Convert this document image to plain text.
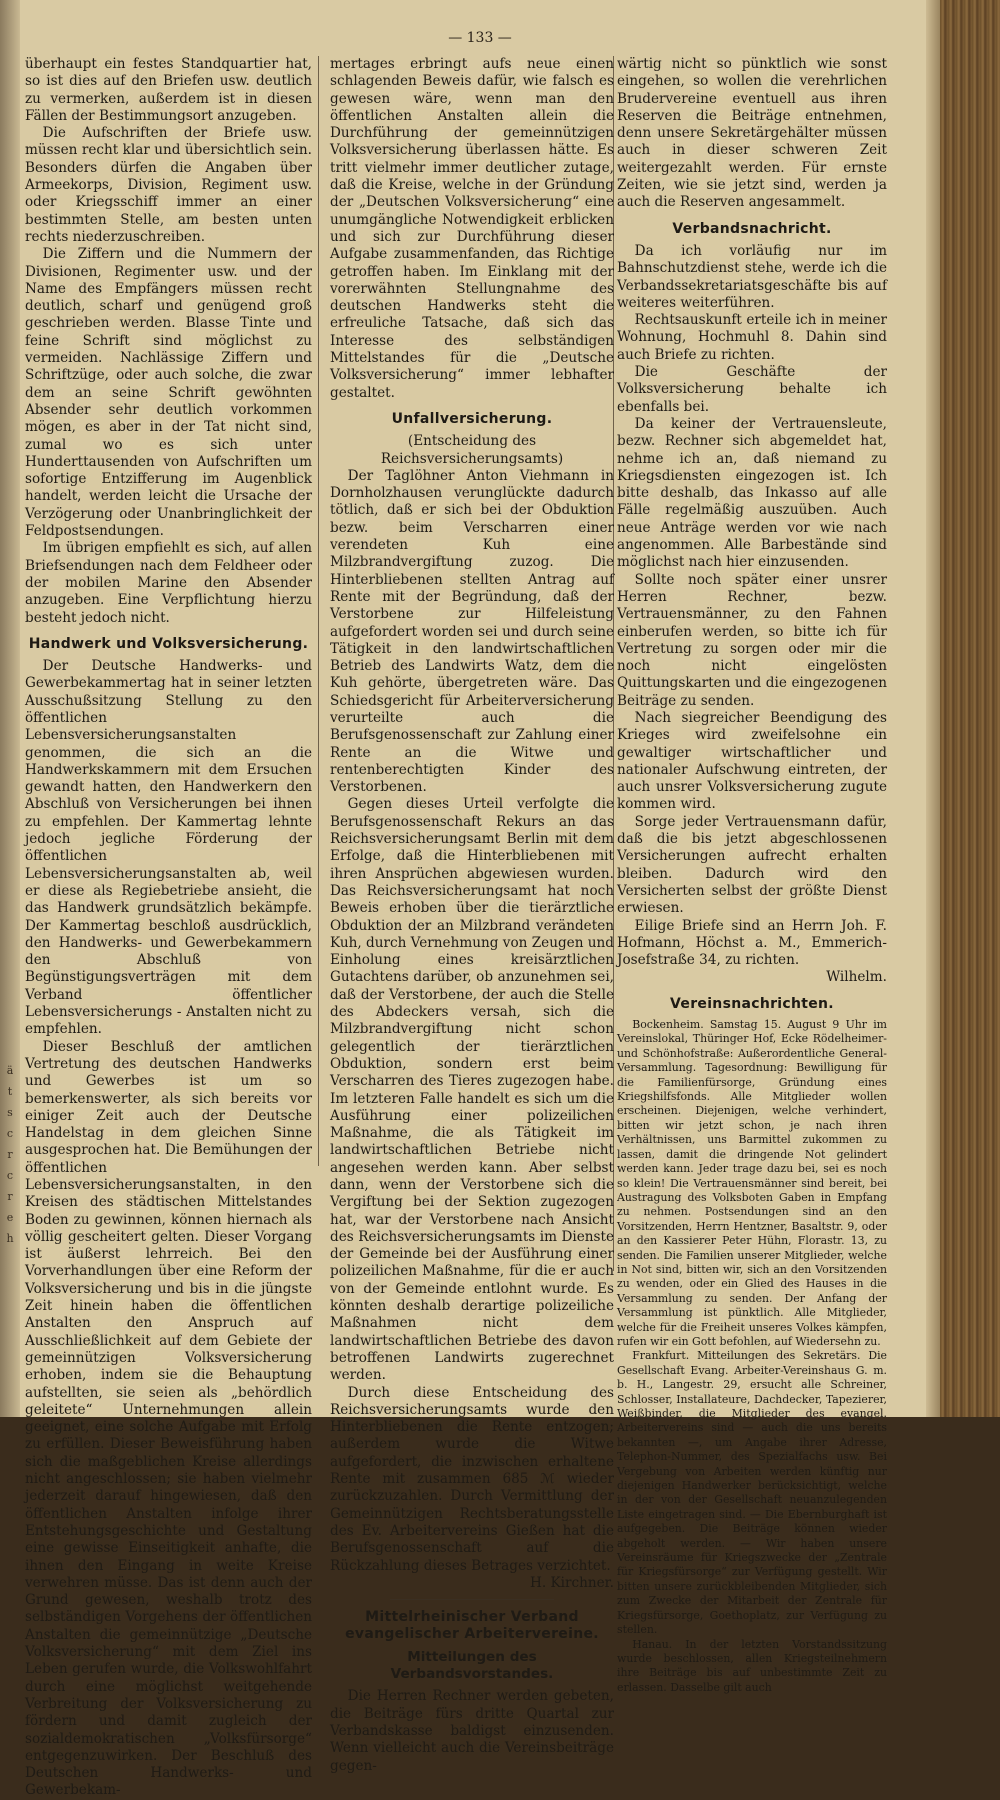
— 133 —
ä
t
s
c
r
c
r
e
h

überhaupt ein festes Standquartier hat, so ist dies auf den Briefen usw. deutlich zu vermerken, außerdem ist in diesen Fällen der Bestimmungsort anzugeben.

Die Aufschriften der Briefe usw. müssen recht klar und übersichtlich sein. Besonders dürfen die Angaben über Armeekorps, Division, Regiment usw. oder Kriegsschiff immer an einer bestimmten Stelle, am besten unten rechts niederzuschreiben.

Die Ziffern und die Nummern der Divisionen, Regimenter usw. und der Name des Empfängers müssen recht deutlich, scharf und genügend groß geschrieben werden. Blasse Tinte und feine Schrift sind möglichst zu vermeiden. Nachlässige Ziffern und Schriftzüge, oder auch solche, die zwar dem an seine Schrift gewöhnten Absender sehr deutlich vorkommen mögen, es aber in der Tat nicht sind, zumal wo es sich unter Hunderttausenden von Aufschriften um sofortige Entzifferung im Augenblick handelt, werden leicht die Ursache der Verzögerung oder Unanbringlichkeit der Feldpostsendungen.

Im übrigen empfiehlt es sich, auf allen Briefsendungen nach dem Feldheer oder der mobilen Marine den Absender anzugeben. Eine Verpflichtung hierzu besteht jedoch nicht.

Handwerk und Volksversicherung.

Der Deutsche Handwerks- und Gewerbekammertag hat in seiner letzten Ausschußsitzung Stellung zu den öffentlichen Lebensversicherungsanstalten genommen, die sich an die Handwerkskammern mit dem Ersuchen gewandt hatten, den Handwerkern den Abschluß von Versicherungen bei ihnen zu empfehlen. Der Kammertag lehnte jedoch jegliche Förderung der öffentlichen Lebensversicherungsanstalten ab, weil er diese als Regiebetriebe ansieht, die das Handwerk grundsätzlich bekämpfe. Der Kammertag beschloß ausdrücklich, den Handwerks- und Gewerbekammern den Abschluß von Begünstigungsverträgen mit dem Verband öffentlicher Lebensversicherungs - Anstalten nicht zu empfehlen.

Dieser Beschluß der amtlichen Vertretung des deutschen Handwerks und Gewerbes ist um so bemerkenswerter, als sich bereits vor einiger Zeit auch der Deutsche Handelstag in dem gleichen Sinne ausgesprochen hat. Die Bemühungen der öffentlichen Lebensversicherungsanstalten, in den Kreisen des städtischen Mittelstandes Boden zu gewinnen, können hiernach als völlig gescheitert gelten. Dieser Vorgang ist äußerst lehrreich. Bei den Vorverhandlungen über eine Reform der Volksversicherung und bis in die jüngste Zeit hinein haben die öffentlichen Anstalten den Anspruch auf Ausschließlichkeit auf dem Gebiete der gemeinnützigen Volksversicherung erhoben, indem sie die Behauptung aufstellten, sie seien als „behördlich geleitete“ Unternehmungen allein geeignet, eine solche Aufgabe mit Erfolg zu erfüllen. Dieser Beweisführung haben sich die maßgeblichen Kreise allerdings nicht angeschlossen; sie haben vielmehr jederzeit darauf hingewiesen, daß den öffentlichen Anstalten infolge ihrer Entstehungsgeschichte und Gestaltung eine gewisse Einseitigkeit anhafte, die ihnen den Eingang in weite Kreise verwehren müsse. Das ist denn auch der Grund gewesen, weshalb trotz des selbständigen Vorgehens der öffentlichen Anstalten die gemeinnützige „Deutsche Volksversicherung“ mit dem Ziel ins Leben gerufen wurde, die Volkswohlfahrt durch eine möglichst weitgehende Verbreitung der Volksversicherung zu fördern und damit zugleich der sozialdemokratischen „Volksfürsorge“ entgegenzuwirken. Der Beschluß des Deutschen Handwerks- und Gewerbekam-

mertages erbringt aufs neue einen schlagenden Beweis dafür, wie falsch es gewesen wäre, wenn man den öffentlichen Anstalten allein die Durchführung der gemeinnützigen Volksversicherung überlassen hätte. Es tritt vielmehr immer deutlicher zutage, daß die Kreise, welche in der Gründung der „Deutschen Volksversicherung“ eine unumgängliche Notwendigkeit erblicken und sich zur Durchführung dieser Aufgabe zusammenfanden, das Richtige getroffen haben. Im Einklang mit der vorerwähnten Stellungnahme des deutschen Handwerks steht die erfreuliche Tatsache, daß sich das Interesse des selbständigen Mittelstandes für die „Deutsche Volksversicherung“ immer lebhafter gestaltet.

Unfallversicherung.

(Entscheidung des Reichsversicherungsamts)

Der Taglöhner Anton Viehmann in Dornholzhausen verunglückte dadurch tötlich, daß er sich bei der Obduktion bezw. beim Verscharren einer verendeten Kuh eine Milzbrandvergiftung zuzog. Die Hinterbliebenen stellten Antrag auf Rente mit der Begründung, daß der Verstorbene zur Hilfeleistung aufgefordert worden sei und durch seine Tätigkeit in den landwirtschaftlichen Betrieb des Landwirts Watz, dem die Kuh gehörte, übergetreten wäre. Das Schiedsgericht für Arbeiterversicherung verurteilte auch die Berufsgenossenschaft zur Zahlung einer Rente an die Witwe und rentenberechtigten Kinder des Verstorbenen.

Gegen dieses Urteil verfolgte die Berufsgenossenschaft Rekurs an das Reichsversicherungsamt Berlin mit dem Erfolge, daß die Hinterbliebenen mit ihren Ansprüchen abgewiesen wurden. Das Reichsversicherungsamt hat noch Beweis erhoben über die tierärztliche Obduktion der an Milzbrand verändeten Kuh, durch Vernehmung von Zeugen und Einholung eines kreisärztlichen Gutachtens darüber, ob anzunehmen sei, daß der Verstorbene, der auch die Stelle des Abdeckers versah, sich die Milzbrandvergiftung nicht schon gelegentlich der tierärztlichen Obduktion, sondern erst beim Verscharren des Tieres zugezogen habe. Im letzteren Falle handelt es sich um die Ausführung einer polizeilichen Maßnahme, die als Tätigkeit im landwirtschaftlichen Betriebe nicht angesehen werden kann. Aber selbst dann, wenn der Verstorbene sich die Vergiftung bei der Sektion zugezogen hat, war der Verstorbene nach Ansicht des Reichsversicherungsamts im Dienste der Gemeinde bei der Ausführung einer polizeilichen Maßnahme, für die er auch von der Gemeinde entlohnt wurde. Es könnten deshalb derartige polizeiliche Maßnahmen nicht dem landwirtschaftlichen Betriebe des davon betroffenen Landwirts zugerechnet werden.

Durch diese Entscheidung des Reichsversicherungsamts wurde den Hinterbliebenen die Rente entzogen; außerdem wurde die Witwe aufgefordert, die inzwischen erhaltene Rente mit zusammen 685 ℳ wieder zurückzuzahlen. Durch Vermittlung der Gemeinnützigen Rechtsberatungsstelle des Ev. Arbeitervereins Gießen hat die Berufsgenossenschaft auf die Rückzahlung dieses Betrages verzichtet.

H. Kirchner.
Mittelrheinischer Verband evangelischer Arbeitervereine.
Mitteilungen des Verbandsvorstandes.

Die Herren Rechner werden gebeten, die Beiträge fürs dritte Quartal zur Verbandskasse baldigst einzusenden. Wenn vielleicht auch die Vereinsbeiträge gegen-

wärtig nicht so pünktlich wie sonst eingehen, so wollen die verehrlichen Brudervereine eventuell aus ihren Reserven die Beiträge entnehmen, denn unsere Sekretärgehälter müssen auch in dieser schweren Zeit weitergezahlt werden. Für ernste Zeiten, wie sie jetzt sind, werden ja auch die Reserven angesammelt.

Verbandsnachricht.

Da ich vorläufig nur im Bahnschutzdienst stehe, werde ich die Verbandssekretariatsgeschäfte bis auf weiteres weiterführen.

Rechtsauskunft erteile ich in meiner Wohnung, Hochmuhl 8. Dahin sind auch Briefe zu richten.

Die Geschäfte der Volksversicherung behalte ich ebenfalls bei.

Da keiner der Vertrauensleute, bezw. Rechner sich abgemeldet hat, nehme ich an, daß niemand zu Kriegsdiensten eingezogen ist. Ich bitte deshalb, das Inkasso auf alle Fälle regelmäßig auszuüben. Auch neue Anträge werden vor wie nach angenommen. Alle Barbestände sind möglichst nach hier einzusenden.

Sollte noch später einer unsrer Herren Rechner, bezw. Vertrauensmänner, zu den Fahnen einberufen werden, so bitte ich für Vertretung zu sorgen oder mir die noch nicht eingelösten Quittungskarten und die eingezogenen Beiträge zu senden.

Nach siegreicher Beendigung des Krieges wird zweifelsohne ein gewaltiger wirtschaftlicher und nationaler Aufschwung eintreten, der auch unsrer Volksversicherung zugute kommen wird.

Sorge jeder Vertrauensmann dafür, daß die bis jetzt abgeschlossenen Versicherungen aufrecht erhalten bleiben. Dadurch wird den Versicherten selbst der größte Dienst erwiesen.

Eilige Briefe sind an Herrn Joh. F. Hofmann, Höchst a. M., Emmerich-Josefstraße 34, zu richten.

Wilhelm.
Vereinsnachrichten.

Bockenheim. Samstag 15. August 9 Uhr im Vereinslokal, Thüringer Hof, Ecke Rödelheimer- und Schönhofstraße: Außerordentliche General-Versammlung. Tagesordnung: Bewilligung für die Familienfürsorge, Gründung eines Kriegshilfsfonds. Alle Mitglieder wollen erscheinen. Diejenigen, welche verhindert, bitten wir jetzt schon, je nach ihren Verhältnissen, uns Barmittel zukommen zu lassen, damit die dringende Not gelindert werden kann. Jeder trage dazu bei, sei es noch so klein! Die Vertrauensmänner sind bereit, bei Austragung des Volksboten Gaben in Empfang zu nehmen. Postsendungen sind an den Vorsitzenden, Herrn Hentzner, Basaltstr. 9, oder an den Kassierer Peter Hühn, Florastr. 13, zu senden. Die Familien unserer Mitglieder, welche in Not sind, bitten wir, sich an den Vorsitzenden zu wenden, oder ein Glied des Hauses in die Versammlung zu senden. Der Anfang der Versammlung ist pünktlich. Alle Mitglieder, welche für die Freiheit unseres Volkes kämpfen, rufen wir ein Gott befohlen, auf Wiedersehn zu.

Frankfurt. Mitteilungen des Sekretärs. Die Gesellschaft Evang. Arbeiter-Vereinshaus G. m. b. H., Langestr. 29, ersucht alle Schreiner, Schlosser, Installateure, Dachdecker, Tapezierer, Weißbinder, die Mitglieder des evangel. Arbeitervereins sind — auch die uns bereits bekannten —, um Angabe ihrer Adresse, Telephon-Nummer, des Spezialfachs usw. Bei Vergebung von Arbeiten werden künftig nur diejenigen Handwerker berücksichtigt, welche in der von der Gesellschaft neuanzulegenden Liste eingetragen sind. — Die Ebernburghaft ist aufgegeben. Die Beiträge können wieder abgeholt werden. — Wir haben unsere Vereinsräume für Kriegszwecke der „Zentrale für Kriegsfürsorge“ zur Verfügung gestellt. Wir bitten unsere zurückbleibenden Mitglieder, sich zum Zwecke der Mitarbeit der Zentrale für Kriegsfürsorge, Goethoplatz, zur Verfügung zu stellen.

Hanau. In der letzten Vorstandssitzung wurde beschlossen, allen Kriegsteilnehmern ihre Beiträge bis auf unbestimmte Zeit zu erlassen. Dasselbe gilt auch
